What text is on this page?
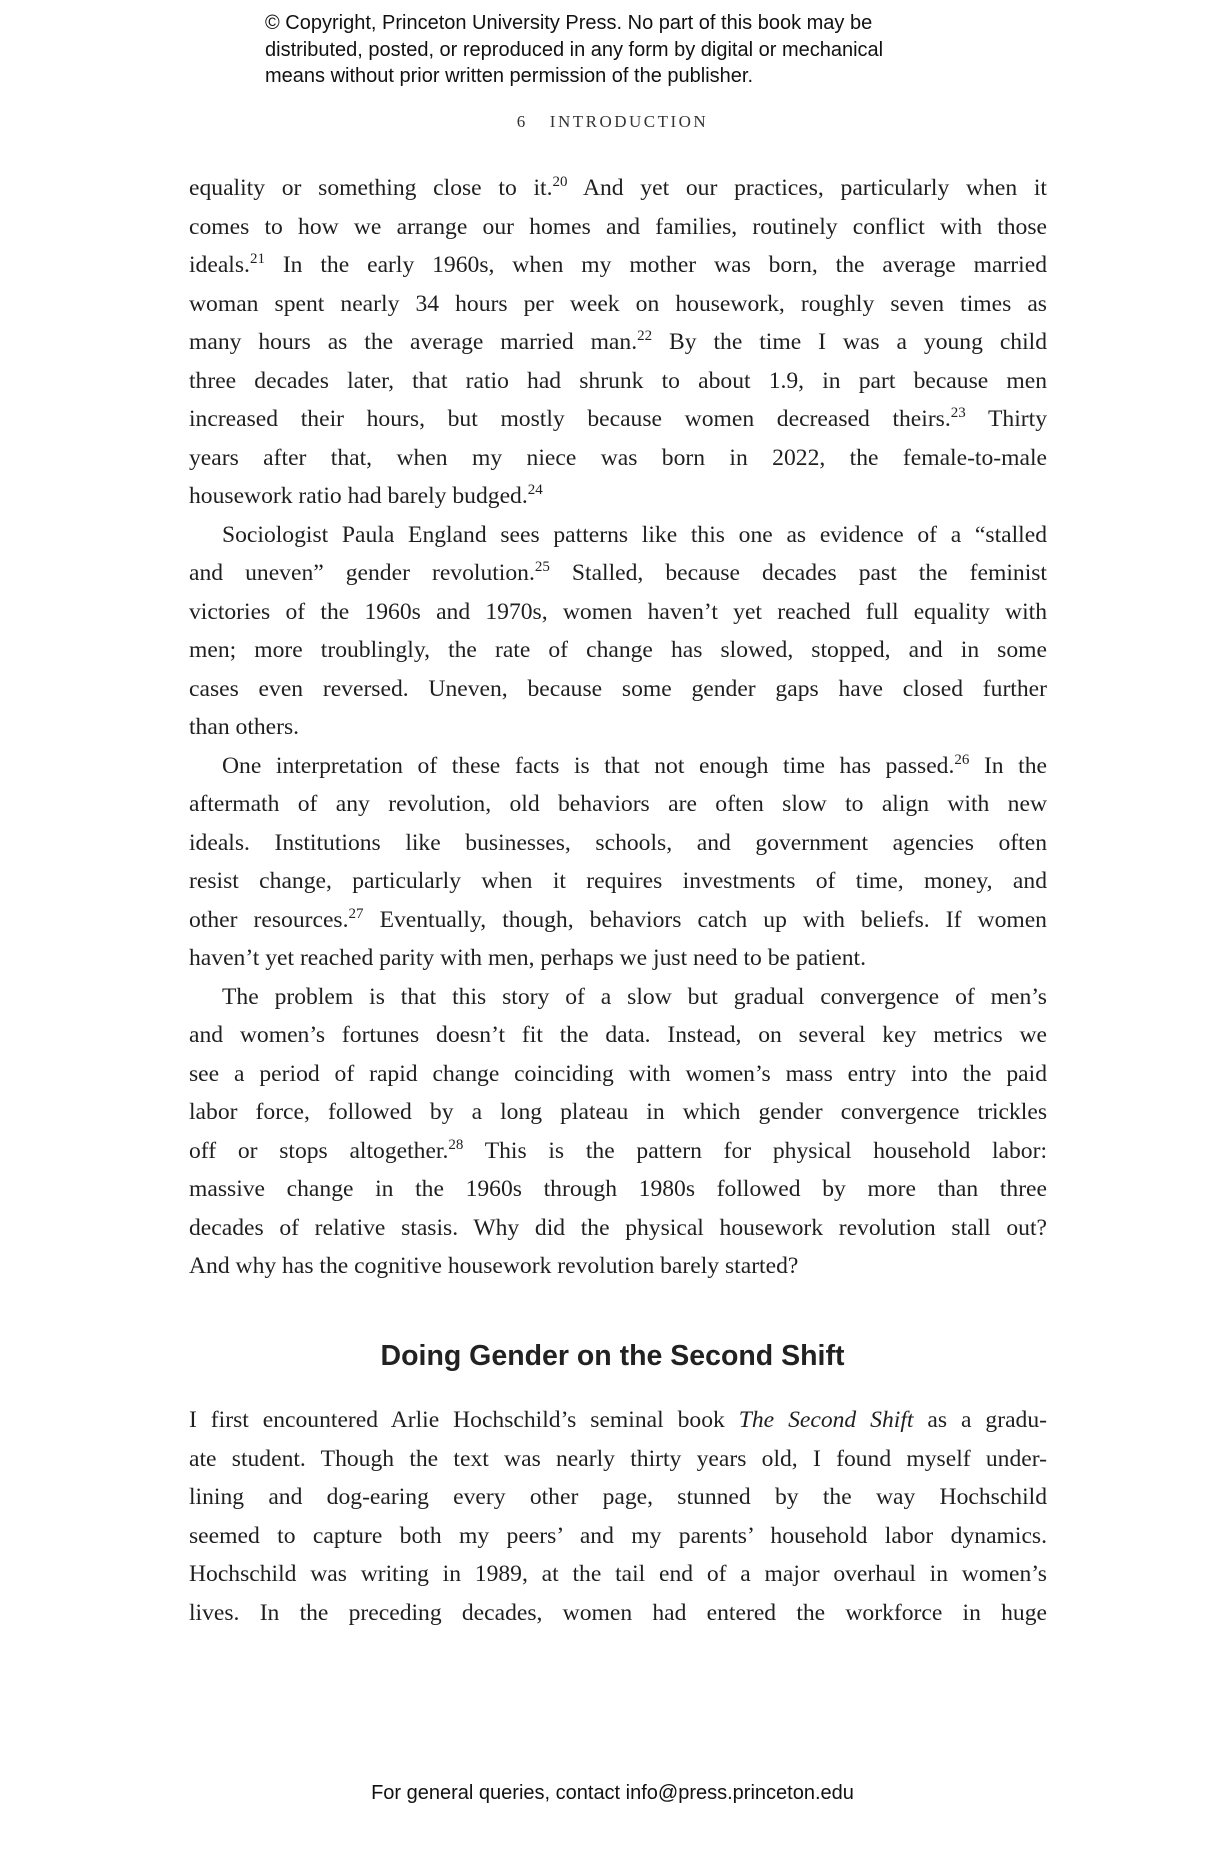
© Copyright, Princeton University Press. No part of this book may be
distributed, posted, or reproduced in any form by digital or mechanical
means without prior written permission of the publisher.
6 INTRODUCTION
equality or something close to it.$^{20}$ And yet our practices, particularly when it
comes to how we arrange our homes and families, routinely conflict with those
ideals.$^{21}$ In the early 1960s, when my mother was born, the average married
woman spent nearly 34 hours per week on housework, roughly seven times as
many hours as the average married man.$^{22}$ By the time I was a young child
three decades later, that ratio had shrunk to about 1.9, in part because men
increased their hours, but mostly because women decreased theirs.$^{23}$ Thirty
years after that, when my niece was born in 2022, the female-to-male
housework ratio had barely budged.$^{24}$
Sociologist Paula England sees patterns like this one as evidence of a “stalled
and uneven” gender revolution.$^{25}$ Stalled, because decades past the feminist
victories of the 1960s and 1970s, women haven’t yet reached full equality with
men; more troublingly, the rate of change has slowed, stopped, and in some
cases even reversed. Uneven, because some gender gaps have closed further
than others.
One interpretation of these facts is that not enough time has passed.$^{26}$ In the
aftermath of any revolution, old behaviors are often slow to align with new
ideals. Institutions like businesses, schools, and government agencies often
resist change, particularly when it requires investments of time, money, and
other resources.$^{27}$ Eventually, though, behaviors catch up with beliefs. If women
haven’t yet reached parity with men, perhaps we just need to be patient.
The problem is that this story of a slow but gradual convergence of men’s
and women’s fortunes doesn’t fit the data. Instead, on several key metrics we
see a period of rapid change coinciding with women’s mass entry into the paid
labor force, followed by a long plateau in which gender convergence trickles
off or stops altogether.$^{28}$ This is the pattern for physical household labor:
massive change in the 1960s through 1980s followed by more than three
decades of relative stasis. Why did the physical housework revolution stall out?
And why has the cognitive housework revolution barely started?
Doing Gender on the Second Shift
I first encountered Arlie Hochschild’s seminal book The Second Shift as a gradu-
ate student. Though the text was nearly thirty years old, I found myself under-
lining and dog-earing every other page, stunned by the way Hochschild
seemed to capture both my peers’ and my parents’ household labor dynamics.
Hochschild was writing in 1989, at the tail end of a major overhaul in women’s
lives. In the preceding decades, women had entered the workforce in huge
For general queries, contact info@press.princeton.edu
